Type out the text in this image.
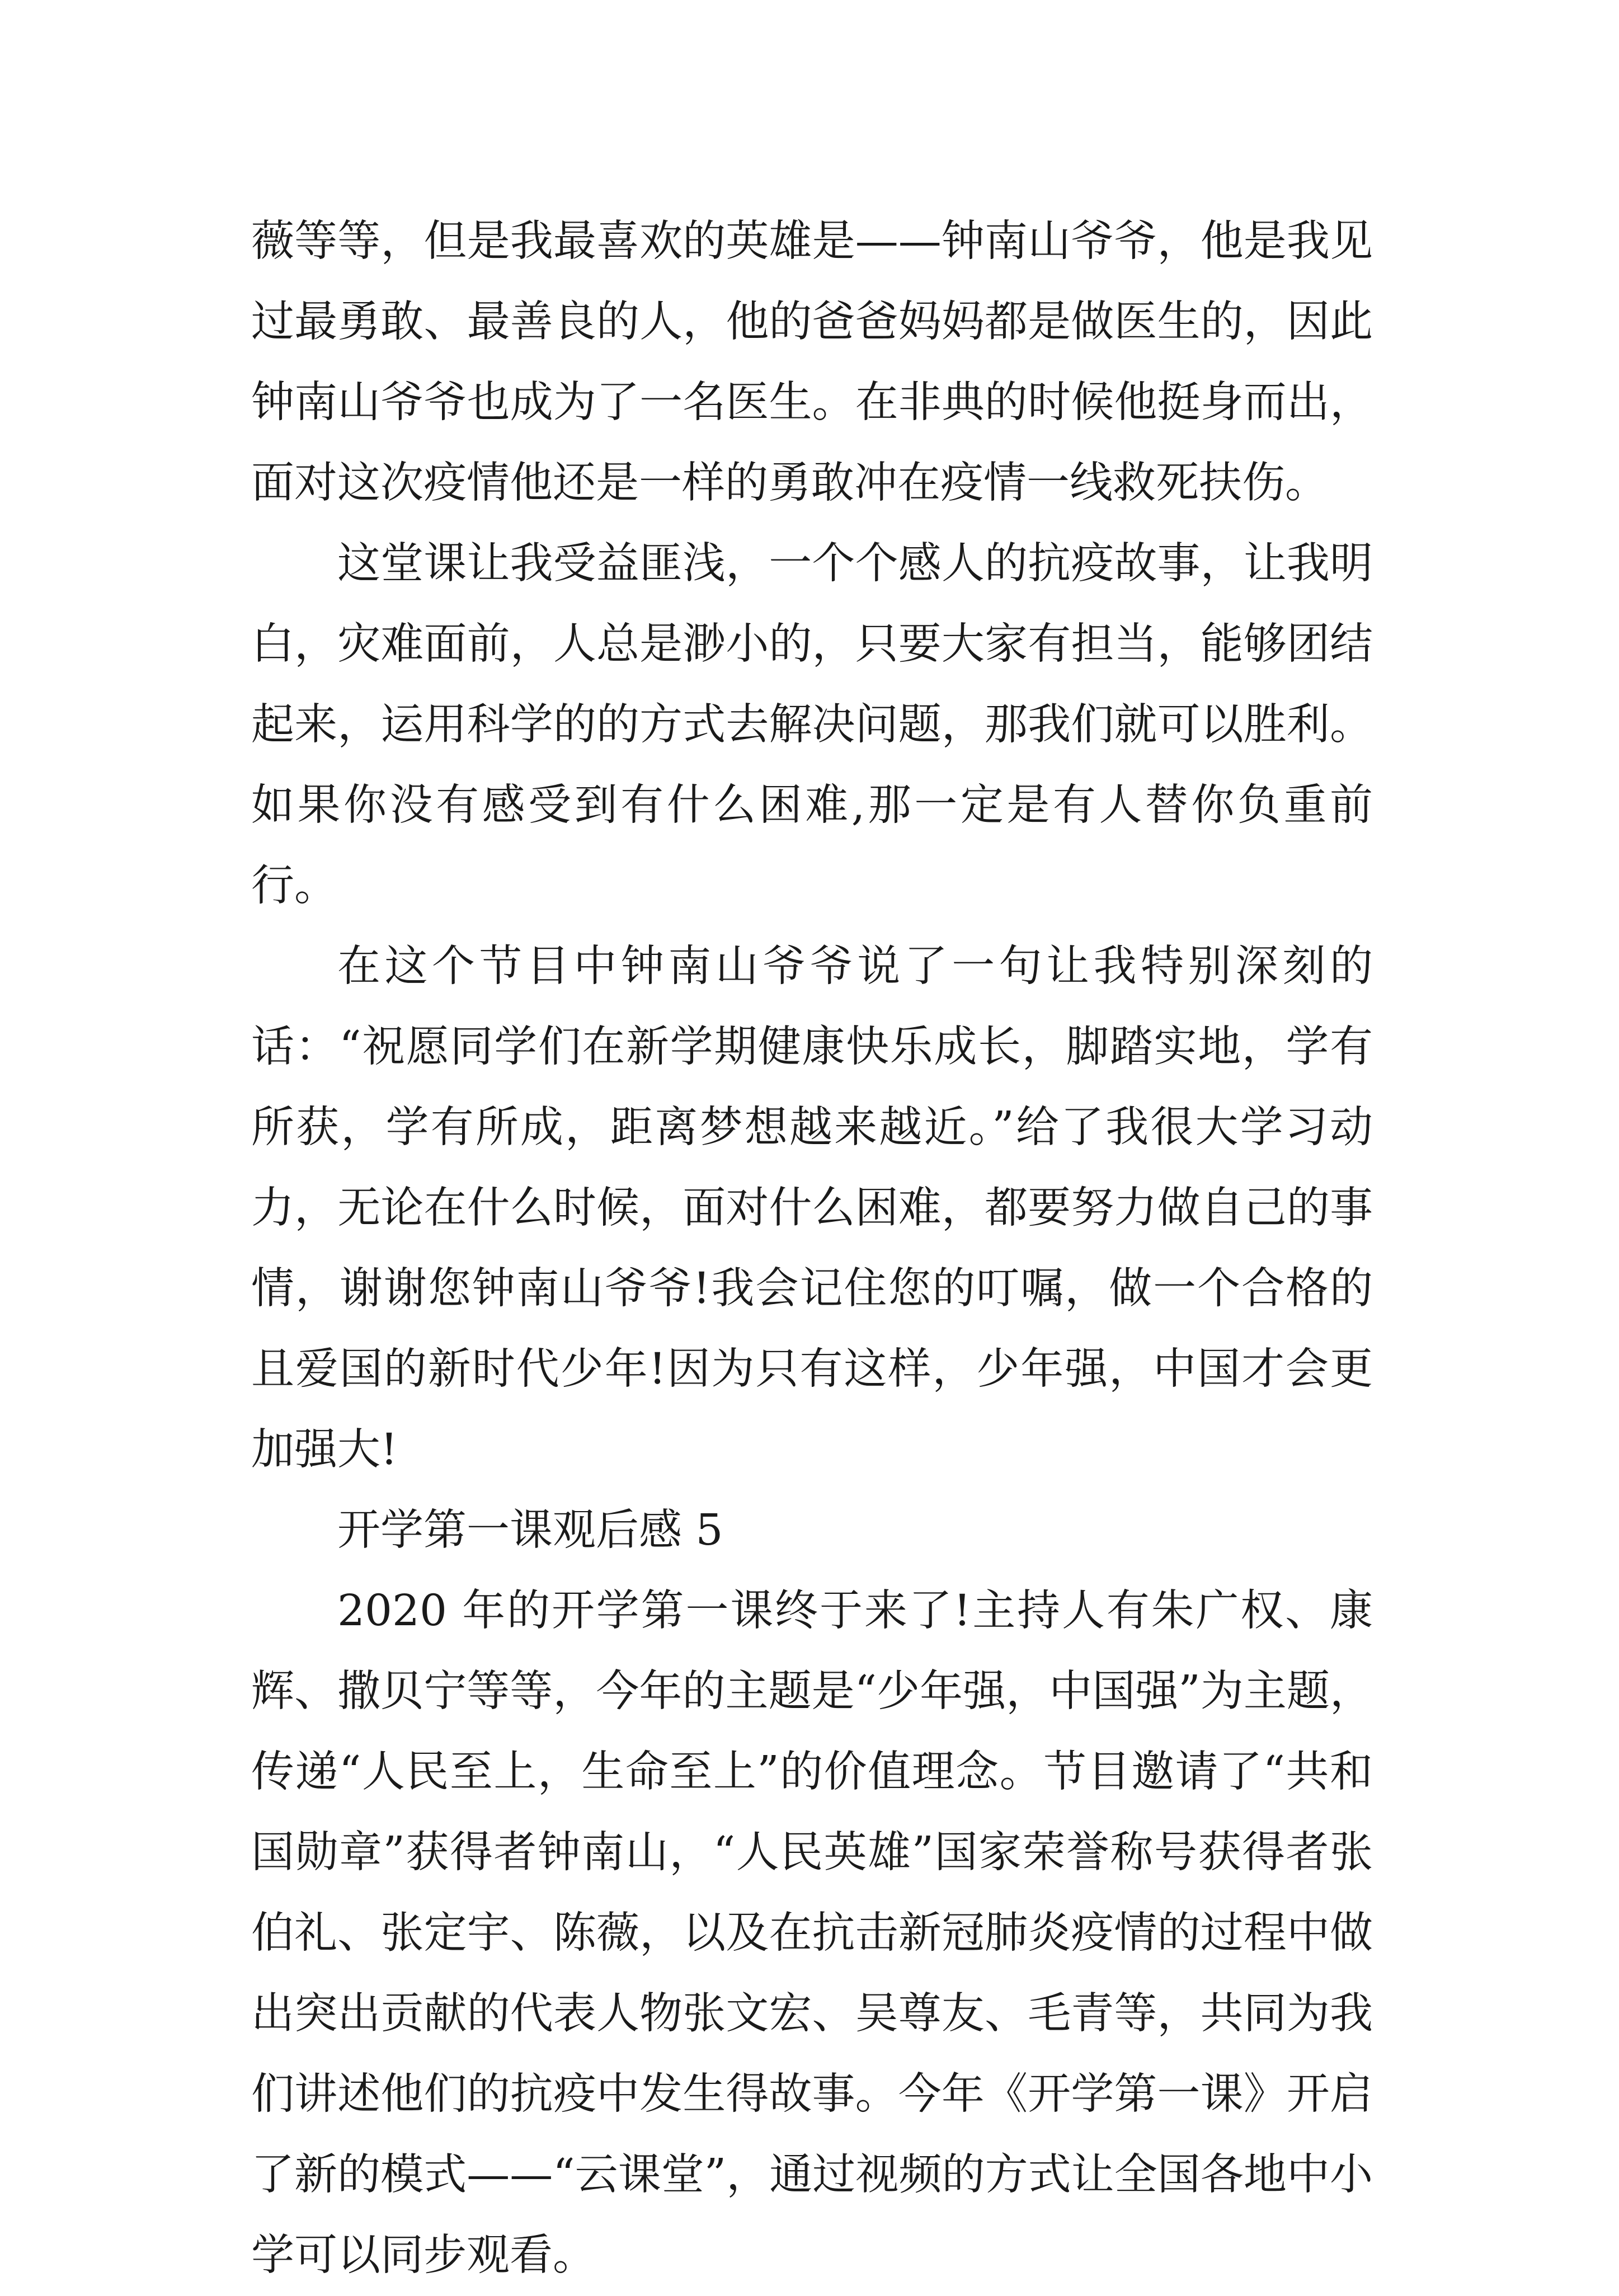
薇等等，但是我最喜欢的英雄是——钟南山爷爷，他是我见过最勇敢、最善良的人，他的爸爸妈妈都是做医生的，因此钟南山爷爷也成为了一名医生。在非典的时候他挺身而出，面对这次疫情他还是一样的勇敢冲在疫情一线救死扶伤。

这堂课让我受益匪浅，一个个感人的抗疫故事，让我明白，灾难面前，人总是渺小的，只要大家有担当，能够团结起来，运用科学的的方式去解决问题，那我们就可以胜利。如果你没有感受到有什么困难,那一定是有人替你负重前行。

在这个节目中钟南山爷爷说了一句让我特别深刻的话：“祝愿同学们在新学期健康快乐成长，脚踏实地，学有所获，学有所成，距离梦想越来越近。”给了我很大学习动力，无论在什么时候，面对什么困难，都要努力做自己的事情，谢谢您钟南山爷爷!我会记住您的叮嘱，做一个合格的且爱国的新时代少年!因为只有这样，少年强，中国才会更加强大!

开学第一课观后感 5

2020 年的开学第一课终于来了!主持人有朱广权、康辉、撒贝宁等等，今年的主题是“少年强，中国强”为主题，传递“人民至上，生命至上”的价值理念。节目邀请了“共和国勋章”获得者钟南山，“人民英雄”国家荣誉称号获得者张伯礼、张定宇、陈薇，以及在抗击新冠肺炎疫情的过程中做出突出贡献的代表人物张文宏、吴尊友、毛青等，共同为我们讲述他们的抗疫中发生得故事。今年《开学第一课》开启了新的模式——“云课堂”，通过视频的方式让全国各地中小学可以同步观看。
